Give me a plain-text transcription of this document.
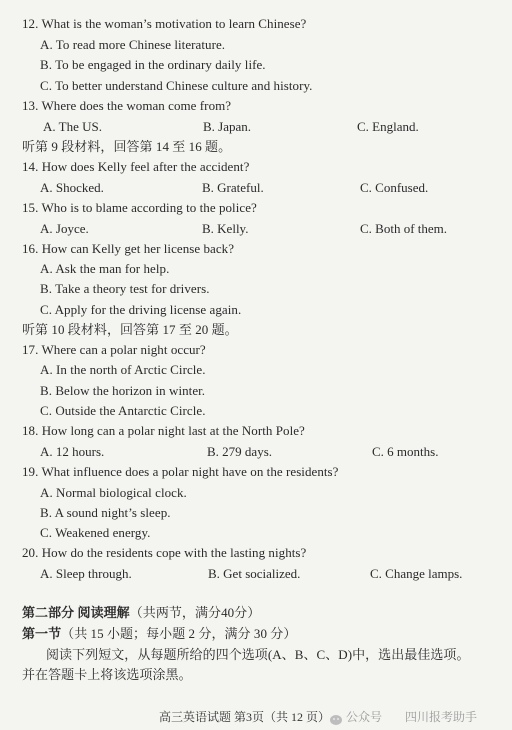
12. What is the woman’s motivation to learn Chinese?
A. To read more Chinese literature.
B. To be engaged in the ordinary daily life.
C. To better understand Chinese culture and history.
13. Where does the woman come from?
A. The US.	B. Japan.	C. England.
听第 9 段材料，回答第 14 至 16 题。
14. How does Kelly feel after the accident?
A. Shocked.	B. Grateful.	C. Confused.
15. Who is to blame according to the police?
A. Joyce.	B. Kelly.	C. Both of them.
16. How can Kelly get her license back?
A. Ask the man for help.
B. Take a theory test for drivers.
C. Apply for the driving license again.
听第 10 段材料，回答第 17 至 20 题。
17. Where can a polar night occur?
A. In the north of Arctic Circle.
B. Below the horizon in winter.
C. Outside the Antarctic Circle.
18. How long can a polar night last at the North Pole?
A. 12 hours.	B. 279 days.	C. 6 months.
19. What influence does a polar night have on the residents?
A. Normal biological clock.
B. A sound night’s sleep.
C. Weakened energy.
20. How do the residents cope with the lasting nights?
A. Sleep through.	B. Get socialized.	C. Change lamps.
第二部分 阅读理解（共两节，满分40分）
第一节（共 15 小题；每小题 2 分，满分 30 分）
阅读下列短文，从每题所给的四个选项(A、B、C、D)中，选出最佳选项。
并在答题卡上将该选项涂黑。
高三英语试题 第3页（共 12 页） 公众号 四川报考助手
